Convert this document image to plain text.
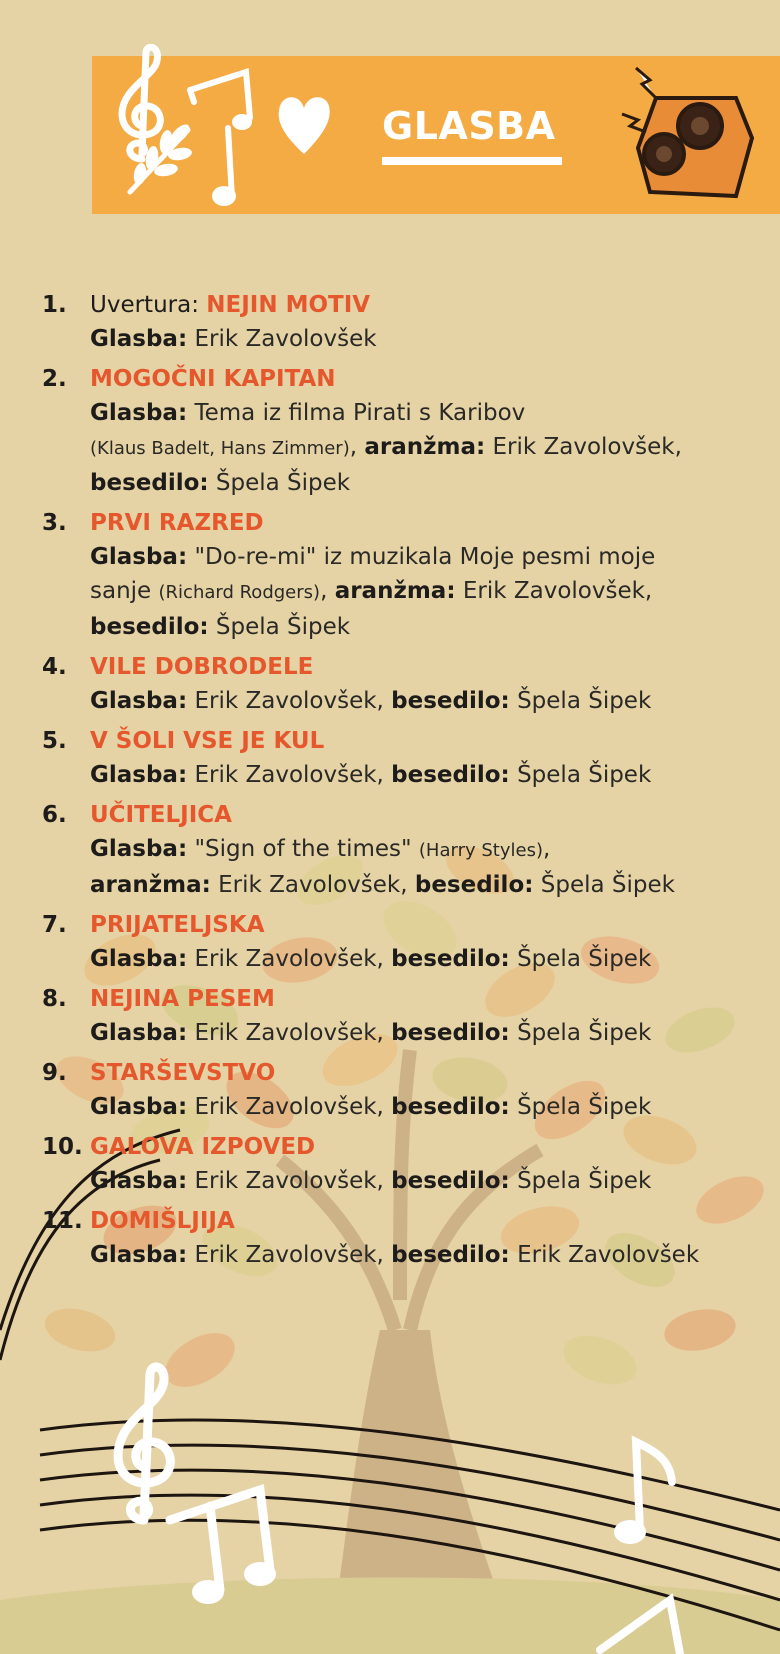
GLASBA
1. Uvertura: NEJIN MOTIV
Glasba: Erik Zavolovšek
2. MOGOČNI KAPITAN
Glasba: Tema iz filma Pirati s Karibov
(Klaus Badelt, Hans Zimmer), aranžma: Erik Zavolovšek,
besedilo: Špela Šipek
3. PRVI RAZRED
Glasba: "Do-re-mi" iz muzikala Moje pesmi moje
sanje (Richard Rodgers), aranžma: Erik Zavolovšek,
besedilo: Špela Šipek
4. VILE DOBRODELE
Glasba: Erik Zavolovšek, besedilo: Špela Šipek
5. V ŠOLI VSE JE KUL
Glasba: Erik Zavolovšek, besedilo: Špela Šipek
6. UČITELJICA
Glasba: "Sign of the times" (Harry Styles),
aranžma: Erik Zavolovšek, besedilo: Špela Šipek
7. PRIJATELJSKA
Glasba: Erik Zavolovšek, besedilo: Špela Šipek
8. NEJINA PESEM
Glasba: Erik Zavolovšek, besedilo: Špela Šipek
9. STARŠEVSTVO
Glasba: Erik Zavolovšek, besedilo: Špela Šipek
10. GALOVA IZPOVED
Glasba: Erik Zavolovšek, besedilo: Špela Šipek
11. DOMIŠLJIJA
Glasba: Erik Zavolovšek, besedilo: Erik Zavolovšek
